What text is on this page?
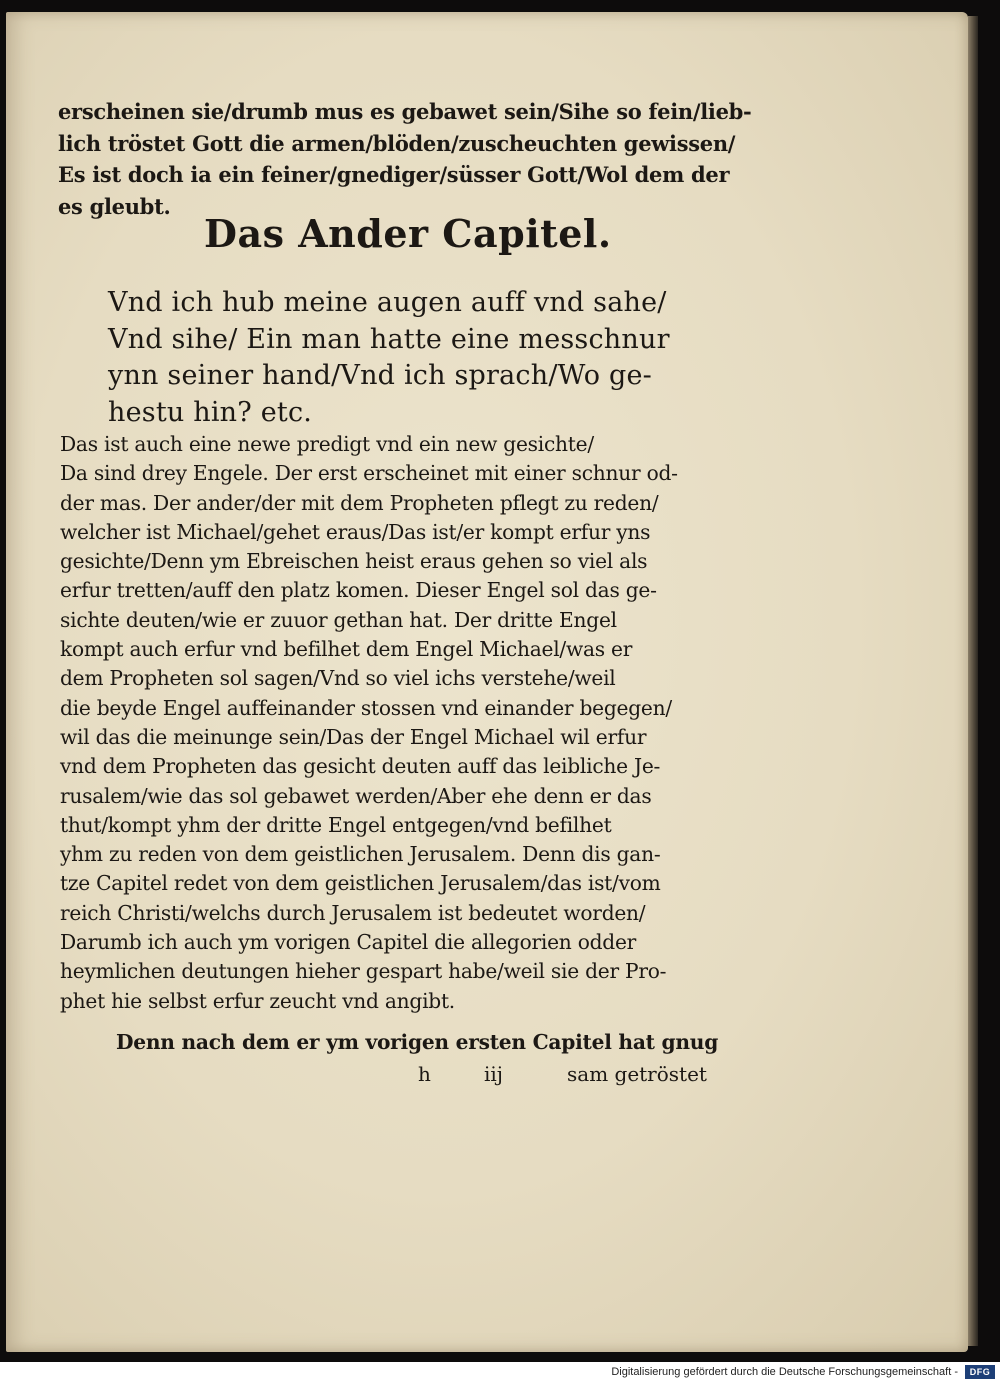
erscheinen sie/drumb mus es gebawet sein/Sihe so fein/lieb-
lich tröstet Gott die armen/blöden/zuscheuchten gewissen/
Es ist doch ia ein feiner/gnediger/süsser Gott/Wol dem der
es gleubt.
Das Ander Capitel.
Vnd ich hub meine augen auff vnd sahe/
Vnd sihe/ Ein man hatte eine messchnur
ynn seiner hand/Vnd ich sprach/Wo ge-
hestu hin? etc.
Das ist auch eine newe predigt vnd ein new gesichte/
Da sind drey Engele. Der erst erscheinet mit einer schnur od-
der mas. Der ander/der mit dem Propheten pflegt zu reden/
welcher ist Michael/gehet eraus/Das ist/er kompt erfur yns
gesichte/Denn ym Ebreischen heist eraus gehen so viel als
erfur tretten/auff den platz komen. Dieser Engel sol das ge-
sichte deuten/wie er zuuor gethan hat. Der dritte Engel
kompt auch erfur vnd befilhet dem Engel Michael/was er
dem Propheten sol sagen/Vnd so viel ichs verstehe/weil
die beyde Engel auffeinander stossen vnd einander begegen/
wil das die meinunge sein/Das der Engel Michael wil erfur
vnd dem Propheten das gesicht deuten auff das leibliche Je-
rusalem/wie das sol gebawet werden/Aber ehe denn er das
thut/kompt yhm der dritte Engel entgegen/vnd befilhet
yhm zu reden von dem geistlichen Jerusalem. Denn dis gan-
tze Capitel redet von dem geistlichen Jerusalem/das ist/vom
reich Christi/welchs durch Jerusalem ist bedeutet worden/
Darumb ich auch ym vorigen Capitel die allegorien odder
heymlichen deutungen hieher gespart habe/weil sie der Pro-
phet hie selbst erfur zeucht vnd angibt.
Denn nach dem er ym vorigen ersten Capitel hat gnug
h	iij	sam getröstet
Digitalisierung gefördert durch die Deutsche Forschungsgemeinschaft -	DFG
